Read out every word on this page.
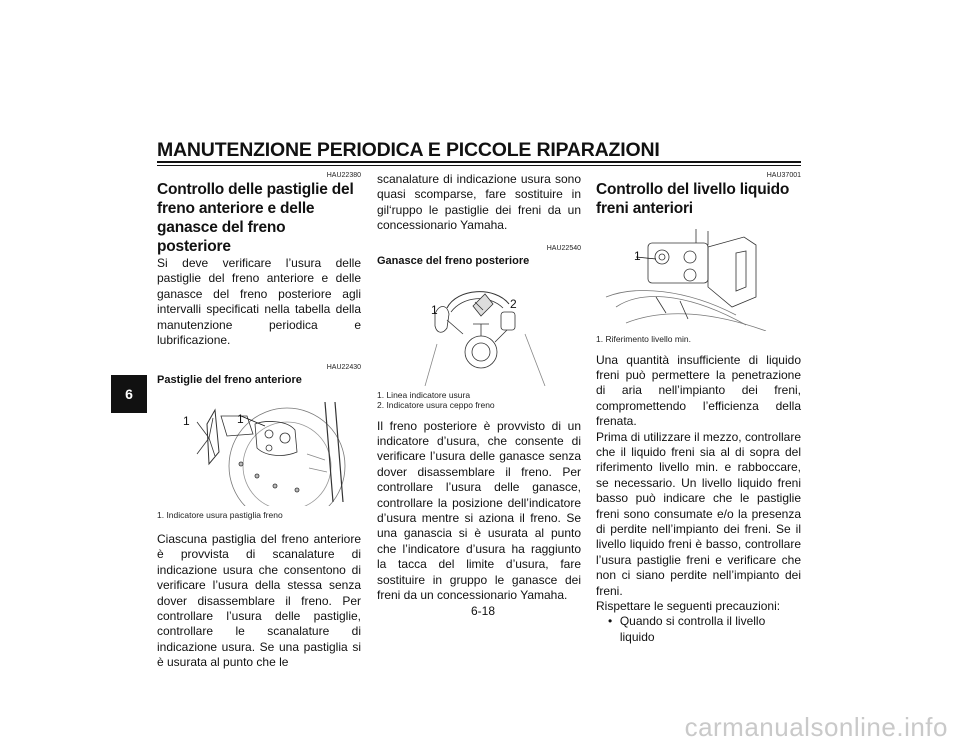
MANUTENZIONE PERIODICA E PICCOLE RIPARAZIONI
6
HAU22380
Controllo delle pastiglie del freno anteriore e delle ganasce del freno posteriore

Si deve verificare l’usura delle pastiglie del freno anteriore e delle ganasce del freno posteriore agli intervalli specificati nella tabella della manutenzione periodica e lubrificazione.

HAU22430
Pastiglie del freno anteriore
1	1
1. Indicatore usura pastiglia freno

Ciascuna pastiglia del freno anteriore è provvista di scanalature di indicazione usura che consentono di verificare l’usura della stessa senza dover disassemblare il freno. Per controllare l’usura delle pastiglie, controllare le scanalature di indicazione usura. Se una pastiglia si è usurata al punto che le

scanalature di indicazione usura sono quasi scomparse, fare sostituire in gil‘ruppo le pastiglie dei freni da un concessionario Yamaha.

HAU22540
Ganasce del freno posteriore
1	2
1. Linea indicatore usura
2. Indicatore usura ceppo freno

Il freno posteriore è provvisto di un indicatore d’usura, che consente di verificare l’usura delle ganasce senza dover disassemblare il freno. Per controllare l’usura delle ganasce, controllare la posizione dell’indicatore d’usura mentre si aziona il freno. Se una ganascia si è usurata al punto che l’indicatore d’usura ha raggiunto la tacca del limite d’usura, fare sostituire in gruppo le ganasce dei freni da un concessionario Yamaha.

HAU37001
Controllo del livello liquido freni anteriori
1
1. Riferimento livello min.

Una quantità insufficiente di liquido freni può permettere la penetrazione di aria nell’impianto dei freni, compromettendo l’efficienza della frenata.

Prima di utilizzare il mezzo, controllare che il liquido freni sia al di sopra del riferimento livello min. e rabboccare, se necessario. Un livello liquido freni basso può indicare che le pastiglie freni sono consumate e/o la presenza di perdite nell’impianto dei freni. Se il livello liquido freni è basso, controllare l’usura pastiglie freni e verificare che non ci siano perdite nell’impianto dei freni.

Rispettare le seguenti precauzioni:

• Quando si controlla il livello liquido
6-18
carmanualsonline.info
